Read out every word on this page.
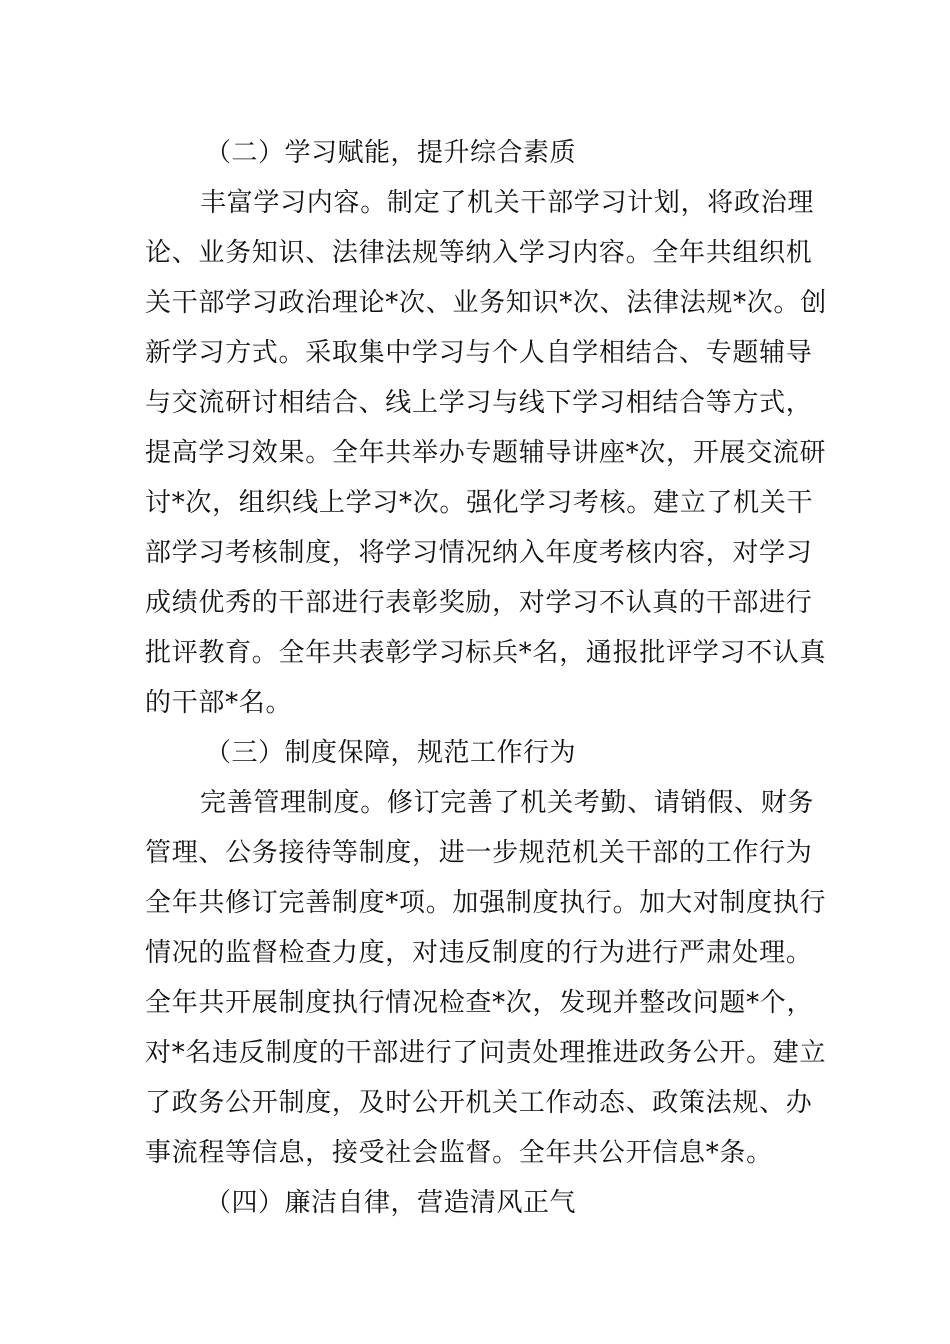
（二）学习赋能，提升综合素质
丰富学习内容。制定了机关干部学习计划，将政治理
论、业务知识、法律法规等纳入学习内容。全年共组织机
关干部学习政治理论*次、业务知识*次、法律法规*次。创
新学习方式。采取集中学习与个人自学相结合、专题辅导
与交流研讨相结合、线上学习与线下学习相结合等方式，
提高学习效果。全年共举办专题辅导讲座*次，开展交流研
讨*次，组织线上学习*次。强化学习考核。建立了机关干
部学习考核制度，将学习情况纳入年度考核内容，对学习
成绩优秀的干部进行表彰奖励，对学习不认真的干部进行
批评教育。全年共表彰学习标兵*名，通报批评学习不认真
的干部*名。
（三）制度保障，规范工作行为
完善管理制度。修订完善了机关考勤、请销假、财务
管理、公务接待等制度，进一步规范机关干部的工作行为
全年共修订完善制度*项。加强制度执行。加大对制度执行
情况的监督检查力度，对违反制度的行为进行严肃处理。
全年共开展制度执行情况检查*次，发现并整改问题*个，
对*名违反制度的干部进行了问责处理推进政务公开。建立
了政务公开制度，及时公开机关工作动态、政策法规、办
事流程等信息，接受社会监督。全年共公开信息*条。
（四）廉洁自律，营造清风正气
